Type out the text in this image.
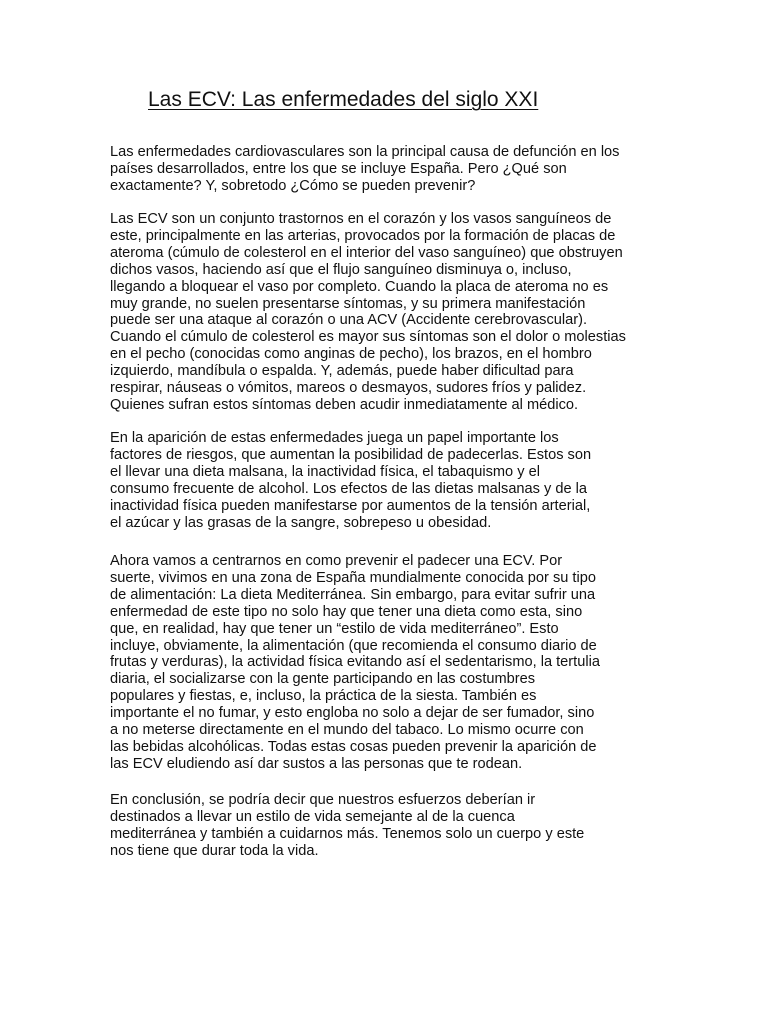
Las ECV: Las enfermedades del siglo XXI

Las enfermedades cardiovasculares son la principal causa de defunción en los
países desarrollados, entre los que se incluye España. Pero ¿Qué son
exactamente? Y, sobretodo ¿Cómo se pueden prevenir?

Las ECV son un conjunto trastornos en el corazón y los vasos sanguíneos de
este, principalmente en las arterias, provocados por la formación de placas de
ateroma (cúmulo de colesterol en el interior del vaso sanguíneo) que obstruyen
dichos vasos, haciendo así que el flujo sanguíneo disminuya o, incluso,
llegando a bloquear el vaso por completo. Cuando la placa de ateroma no es
muy grande, no suelen presentarse síntomas, y su primera manifestación
puede ser una ataque al corazón o una ACV (Accidente cerebrovascular).
Cuando el cúmulo de colesterol es mayor sus síntomas son el dolor o molestias
en el pecho (conocidas como anginas de pecho), los brazos, en el hombro
izquierdo, mandíbula o espalda. Y, además, puede haber dificultad para
respirar, náuseas o vómitos, mareos o desmayos, sudores fríos y palidez.
Quienes sufran estos síntomas deben acudir inmediatamente al médico.

En la aparición de estas enfermedades juega un papel importante los
factores de riesgos, que aumentan la posibilidad de padecerlas. Estos son
el llevar una dieta malsana, la inactividad física, el tabaquismo y el
consumo frecuente de alcohol. Los efectos de las dietas malsanas y de la
inactividad física pueden manifestarse por aumentos de la tensión arterial,
el azúcar y las grasas de la sangre, sobrepeso u obesidad.

Ahora vamos a centrarnos en como prevenir el padecer una ECV. Por
suerte, vivimos en una zona de España mundialmente conocida por su tipo
de alimentación: La dieta Mediterránea. Sin embargo, para evitar sufrir una
enfermedad de este tipo no solo hay que tener una dieta como esta, sino
que, en realidad, hay que tener un “estilo de vida mediterráneo”. Esto
incluye, obviamente, la alimentación (que recomienda el consumo diario de
frutas y verduras), la actividad física evitando así el sedentarismo, la tertulia
diaria, el socializarse con la gente participando en las costumbres
populares y fiestas, e, incluso, la práctica de la siesta. También es
importante el no fumar, y esto engloba no solo a dejar de ser fumador, sino
a no meterse directamente en el mundo del tabaco. Lo mismo ocurre con
las bebidas alcohólicas. Todas estas cosas pueden prevenir la aparición de
las ECV eludiendo así dar sustos a las personas que te rodean.

En conclusión, se podría decir que nuestros esfuerzos deberían ir
destinados a llevar un estilo de vida semejante al de la cuenca
mediterránea y también a cuidarnos más. Tenemos solo un cuerpo y este
nos tiene que durar toda la vida.
